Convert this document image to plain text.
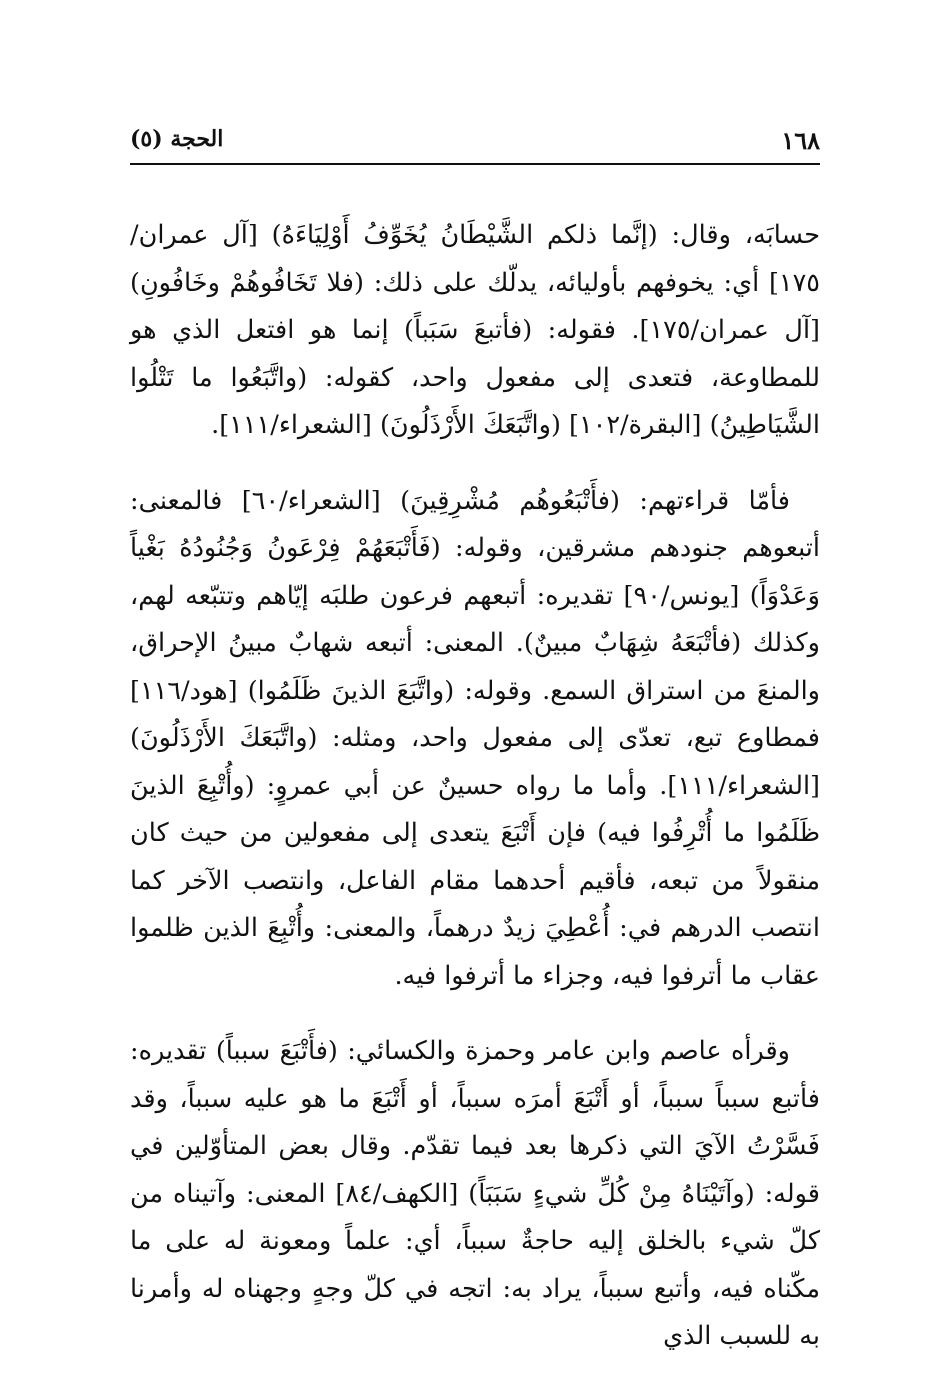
١٦٨
الحجة (٥)

حسابَه، وقال: (إنَّما ذلكم الشَّيْطَانُ يُخَوِّفُ أَوْلِيَاءَهُ) [آل عمران/١٧٥] أي: يخوفهم بأوليائه، يدلّك على ذلك: (فلا تَخَافُوهُمْ وخَافُونِ) [آل عمران/١٧٥]. فقوله: (فأتبعَ سَبَباً) إنما هو افتعل الذي هو للمطاوعة، فتعدى إلى مفعول واحد، كقوله: (واتَّبَعُوا ما تَتْلُوا الشَّيَاطِينُ) [البقرة/١٠٢] (واتَّبَعَكَ الأَرْذَلُونَ) [الشعراء/١١١].

فأمّا قراءتهم: (فأَتْبَعُوهُم مُشْرِقِينَ) [الشعراء/٦٠] فالمعنى: أتبعوهم جنودهم مشرقين، وقوله: (فَأَتْبَعَهُمْ فِرْعَونُ وَجُنُودُهُ بَغْياً وَعَدْوَاً) [يونس/٩٠] تقديره: أتبعهم فرعون طلبَه إيّاهم وتتبّعه لهم، وكذلك (فأتْبَعَهُ شِهَابٌ مبينٌ). المعنى: أتبعه شهابٌ مبينُ الإحراق، والمنعَ من استراق السمع. وقوله: (واتَّبَعَ الذينَ ظَلَمُوا) [هود/١١٦] فمطاوع تبع، تعدّى إلى مفعول واحد، ومثله: (واتَّبَعَكَ الأَرْذَلُونَ) [الشعراء/١١١]. وأما ما رواه حسينٌ عن أبي عمروٍ: (وأُتْبِعَ الذينَ ظَلَمُوا ما أُتْرِفُوا فيه) فإن أَتْبَعَ يتعدى إلى مفعولين من حيث كان منقولاً من تبعه، فأقيم أحدهما مقام الفاعل، وانتصب الآخر كما انتصب الدرهم في: أُعْطِيَ زيدٌ درهماً، والمعنى: وأُتْبِعَ الذين ظلموا عقاب ما أترفوا فيه، وجزاء ما أترفوا فيه.

وقرأه عاصم وابن عامر وحمزة والكسائي: (فأَتْبَعَ سبباً) تقديره: فأتبع سبباً سبباً، أو أَتْبَعَ أمرَه سبباً، أو أَتْبَعَ ما هو عليه سبباً، وقد فَسَّرْتُ الآيَ التي ذكرها بعد فيما تقدّم. وقال بعض المتأوّلين في قوله: (وآتَيْنَاهُ مِنْ كُلِّ شيءٍ سَبَبَاً) [الكهف/٨٤] المعنى: وآتيناه من كلّ شيء بالخلق إليه حاجةٌ سبباً، أي: علماً ومعونة له على ما مكّناه فيه، وأتبع سبباً، يراد به: اتجه في كلّ وجهٍ وجهناه له وأمرنا به للسبب الذي
